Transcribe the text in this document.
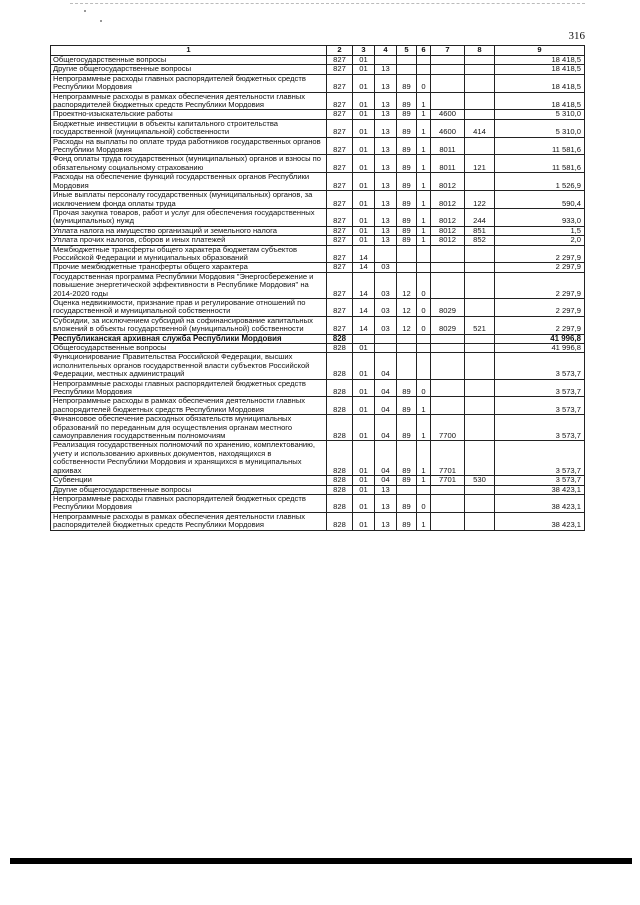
316
1	2	3	4	5	6	7	8	9
Общегосударственные вопросы	827	01						18 418,5
Другие общегосударственные вопросы	827	01	13					18 418,5
Непрограммные расходы главных распорядителей бюджетных средств Республики Мордовия	827	01	13	89	0			18 418,5
Непрограммные расходы в рамках обеспечения деятельности главных распорядителей бюджетных средств Республики Мордовия	827	01	13	89	1			18 418,5
Проектно-изыскательские работы	827	01	13	89	1	4600		5 310,0
Бюджетные инвестиции в объекты капитального строительства государственной (муниципальной) собственности	827	01	13	89	1	4600	414	5 310,0
Расходы на выплаты по оплате труда работников государственных органов Республики Мордовия	827	01	13	89	1	8011		11 581,6
Фонд оплаты труда государственных (муниципальных) органов и взносы по обязательному социальному страхованию	827	01	13	89	1	8011	121	11 581,6
Расходы на обеспечение функций государственных органов Республики Мордовия	827	01	13	89	1	8012		1 526,9
Иные выплаты персоналу государственных (муниципальных) органов, за исключением фонда оплаты труда	827	01	13	89	1	8012	122	590,4
Прочая закупка товаров, работ и услуг для обеспечения государственных (муниципальных) нужд	827	01	13	89	1	8012	244	933,0
Уплата налога на имущество организаций и земельного налога	827	01	13	89	1	8012	851	1,5
Уплата прочих налогов, сборов и иных платежей	827	01	13	89	1	8012	852	2,0
Межбюджетные трансферты общего характера бюджетам субъектов Российской Федерации и муниципальных образований	827	14						2 297,9
Прочие межбюджетные трансферты общего характера	827	14	03					2 297,9
Государственная программа Республики Мордовия "Энергосбережение и повышение энергетической эффективности в Республике Мордовия" на 2014-2020 годы	827	14	03	12	0			2 297,9
Оценка недвижимости, признание прав и регулирование отношений по государственной и муниципальной собственности	827	14	03	12	0	8029		2 297,9
Субсидии, за исключением субсидий на софинансирование капитальных вложений в объекты государственной (муниципальной) собственности	827	14	03	12	0	8029	521	2 297,9
Республиканская архивная служба Республики Мордовия	828							41 996,8
Общегосударственные вопросы	828	01						41 996,8
Функционирование Правительства Российской Федерации, высших исполнительных органов государственной власти субъектов Российской Федерации, местных администраций	828	01	04					3 573,7
Непрограммные расходы главных распорядителей бюджетных средств Республики Мордовия	828	01	04	89	0			3 573,7
Непрограммные расходы в рамках обеспечения деятельности главных распорядителей бюджетных средств Республики Мордовия	828	01	04	89	1			3 573,7
Финансовое обеспечение расходных обязательств муниципальных образований по переданным для осуществления органам местного самоуправления государственным полномочиям	828	01	04	89	1	7700		3 573,7
Реализация государственных полномочий по хранению, комплектованию, учету и использованию архивных документов, находящихся в собственности Республики Мордовия и хранящихся в муниципальных архивах	828	01	04	89	1	7701		3 573,7
Субвенции	828	01	04	89	1	7701	530	3 573,7
Другие общегосударственные вопросы	828	01	13					38 423,1
Непрограммные расходы главных распорядителей бюджетных средств Республики Мордовия	828	01	13	89	0			38 423,1
Непрограммные расходы в рамках обеспечения деятельности главных распорядителей бюджетных средств Республики Мордовия	828	01	13	89	1			38 423,1
